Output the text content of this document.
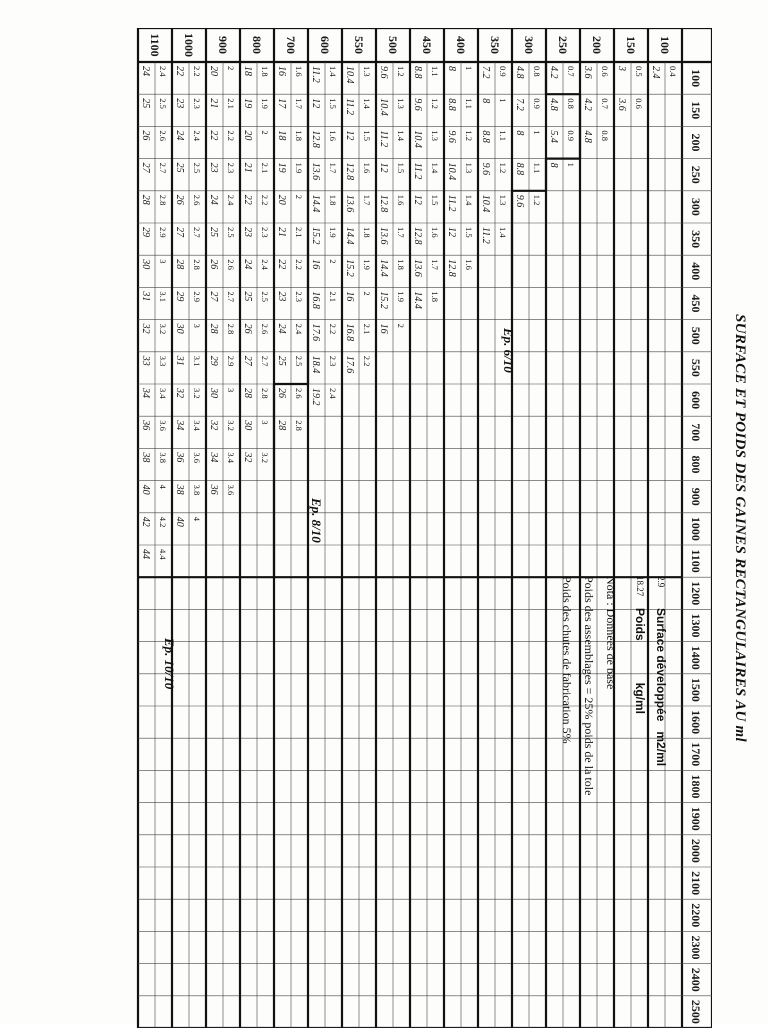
SURFACE ET POIDS DES GAINES RECTANGULAIRES AU ml
100
150
200
250
300
350
400
450
500
550
600
700
800
900
1000
1100
1200
1300
1400
1500
1600
1700
1800
1900
2000
2100
2200
2300
2400
2500
100
0.4
2.4
150
0.5
0.6
3
3.6
200
0.6
0.7
0.8
3.6
4.2
4.8
250
0.7
0.8
0.9
1
4.2
4.8
5.4
8
300
0.8
0.9
1
1.1
1.2
4.8
7.2
8
8.8
9.6
350
0.9
1
1.1
1.2
1.3
1.4
7.2
8
8.8
9.6
10.4
11.2
400
1
1.1
1.2
1.3
1.4
1.5
1.6
8
8.8
9.6
10.4
11.2
12
12.8
450
1.1
1.2
1.3
1.4
1.5
1.6
1.7
1.8
8.8
9.6
10.4
11.2
12
12.8
13.6
14.4
500
1.2
1.3
1.4
1.5
1.6
1.7
1.8
1.9
2
9.6
10.4
11.2
12
12.8
13.6
14.4
15.2
16
550
1.3
1.4
1.5
1.6
1.7
1.8
1.9
2
2.1
2.2
10.4
11.2
12
12.8
13.6
14.4
15.2
16
16.8
17.6
600
1.4
1.5
1.6
1.7
1.8
1.9
2
2.1
2.2
2.3
2.4
11.2
12
12.8
13.6
14.4
15.2
16
16.8
17.6
18.4
19.2
700
1.6
1.7
1.8
1.9
2
2.1
2.2
2.3
2.4
2.5
2.6
2.8
16
17
18
19
20
21
22
23
24
25
26
28
800
1.8
1.9
2
2.1
2.2
2.3
2.4
2.5
2.6
2.7
2.8
3
3.2
18
19
20
21
22
23
24
25
26
27
28
30
32
900
2
2.1
2.2
2.3
2.4
2.5
2.6
2.7
2.8
2.9
3
3.2
3.4
3.6
20
21
22
23
24
25
26
27
28
29
30
32
34
36
1000
2.2
2.3
2.4
2.5
2.6
2.7
2.8
2.9
3
3.1
3.2
3.4
3.6
3.8
4
22
23
24
25
26
27
28
29
30
31
32
34
36
38
40
1100
2.4
2.5
2.6
2.7
2.8
2.9
3
3.1
3.2
3.3
3.4
3.6
3.8
4
4.2
4.4
24
25
26
27
28
29
30
31
32
33
34
36
38
40
42
44
Ep. 6/10
Ep. 8/10
Ep. 10/10
2.9
Surface développée
m2/ml
18.27
Poids
kg/ml
Nota : Données de base
Poids des assemblages = 25% poids de la tole
Poids des chutes de fabrication 5%
